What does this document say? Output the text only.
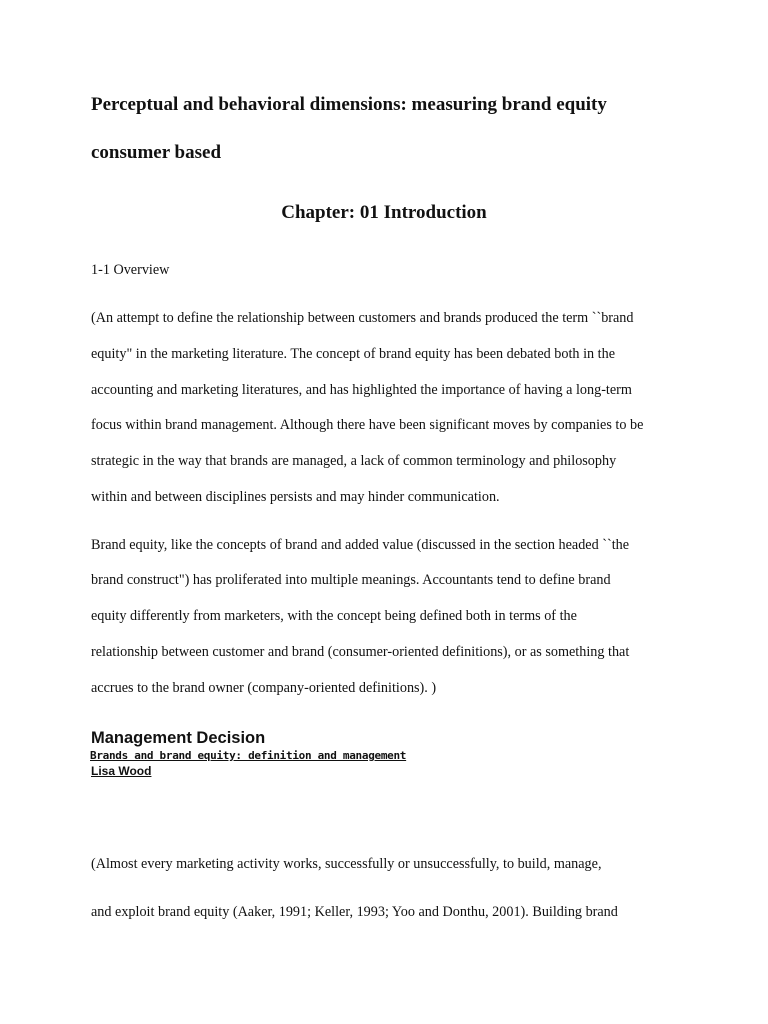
Perceptual and behavioral dimensions: measuring brand equity
consumer based
Chapter: 01 Introduction

1-1 Overview

(An attempt to define the relationship between customers and brands produced the term ``brand

equity" in the marketing literature. The concept of brand equity has been debated both in the

accounting and marketing literatures, and has highlighted the importance of having a long-term

focus within brand management. Although there have been significant moves by companies to be

strategic in the way that brands are managed, a lack of common terminology and philosophy

within and between disciplines persists and may hinder communication.

Brand equity, like the concepts of brand and added value (discussed in the section headed ``the

brand construct") has proliferated into multiple meanings. Accountants tend to define brand

equity differently from marketers, with the concept being defined both in terms of the

relationship between customer and brand (consumer-oriented definitions), or as something that

accrues to the brand owner (company-oriented definitions). )

Management Decision

Brands and brand equity: definition and management
Lisa Wood

(Almost every marketing activity works, successfully or unsuccessfully, to build, manage,

and exploit brand equity (Aaker, 1991; Keller, 1993; Yoo and Donthu, 2001). Building brand
